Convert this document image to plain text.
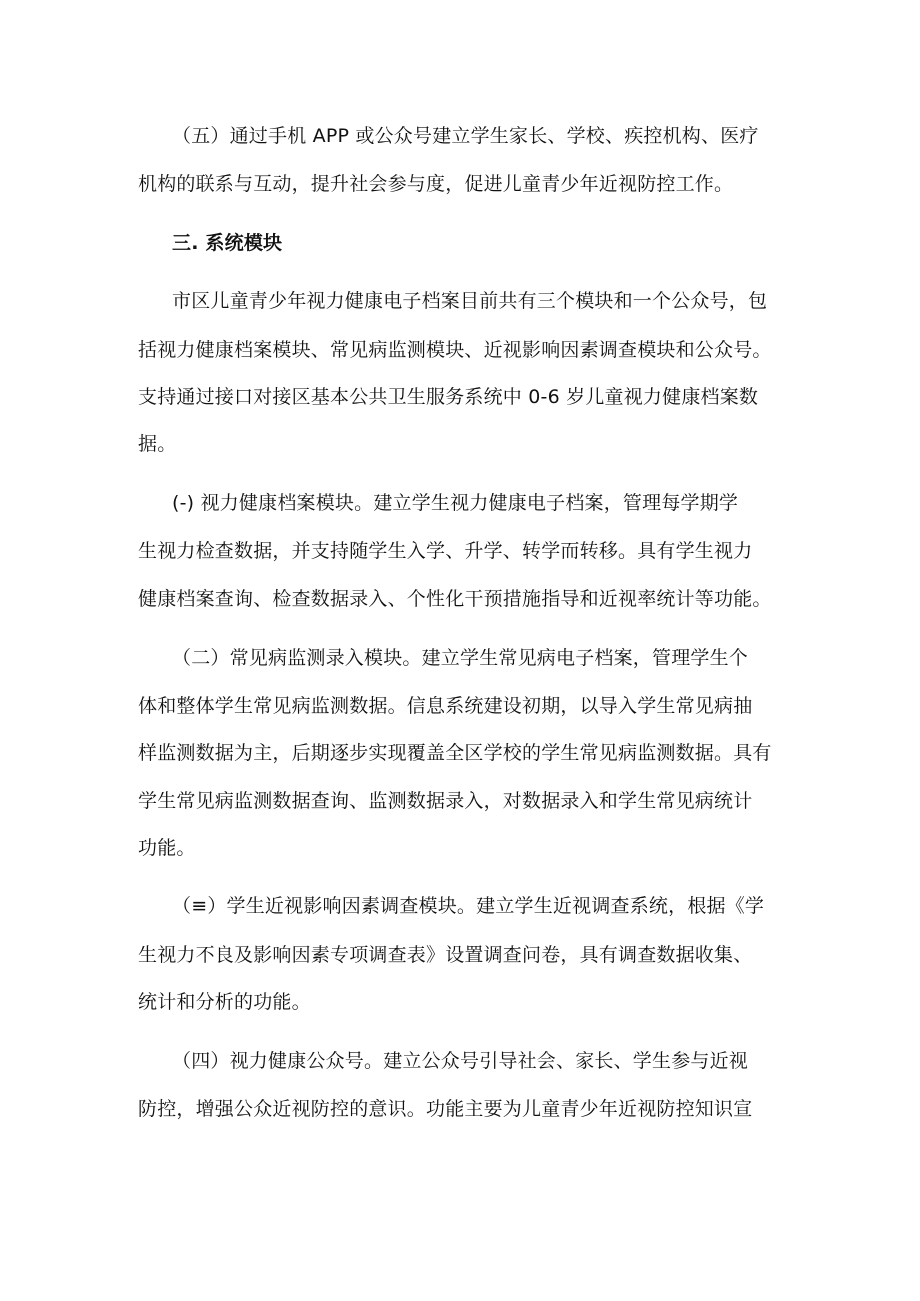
（五）通过手机 APP 或公众号建立学生家长、学校、疾控机构、医疗
机构的联系与互动，提升社会参与度，促进儿童青少年近视防控工作。
三. 系统模块
市区儿童青少年视力健康电子档案目前共有三个模块和一个公众号，包
括视力健康档案模块、常见病监测模块、近视影响因素调查模块和公众号。
支持通过接口对接区基本公共卫生服务系统中 0-6 岁儿童视力健康档案数
据。
(-) 视力健康档案模块。建立学生视力健康电子档案，管理每学期学
生视力检查数据，并支持随学生入学、升学、转学而转移。具有学生视力
健康档案查询、检查数据录入、个性化干预措施指导和近视率统计等功能。
（二）常见病监测录入模块。建立学生常见病电子档案，管理学生个
体和整体学生常见病监测数据。信息系统建设初期，以导入学生常见病抽
样监测数据为主，后期逐步实现覆盖全区学校的学生常见病监测数据。具有
学生常见病监测数据查询、监测数据录入，对数据录入和学生常见病统计
功能。
（≡）学生近视影响因素调查模块。建立学生近视调查系统，根据《学
生视力不良及影响因素专项调查表》设置调查问卷，具有调查数据收集、
统计和分析的功能。
（四）视力健康公众号。建立公众号引导社会、家长、学生参与近视
防控，增强公众近视防控的意识。功能主要为儿童青少年近视防控知识宣
